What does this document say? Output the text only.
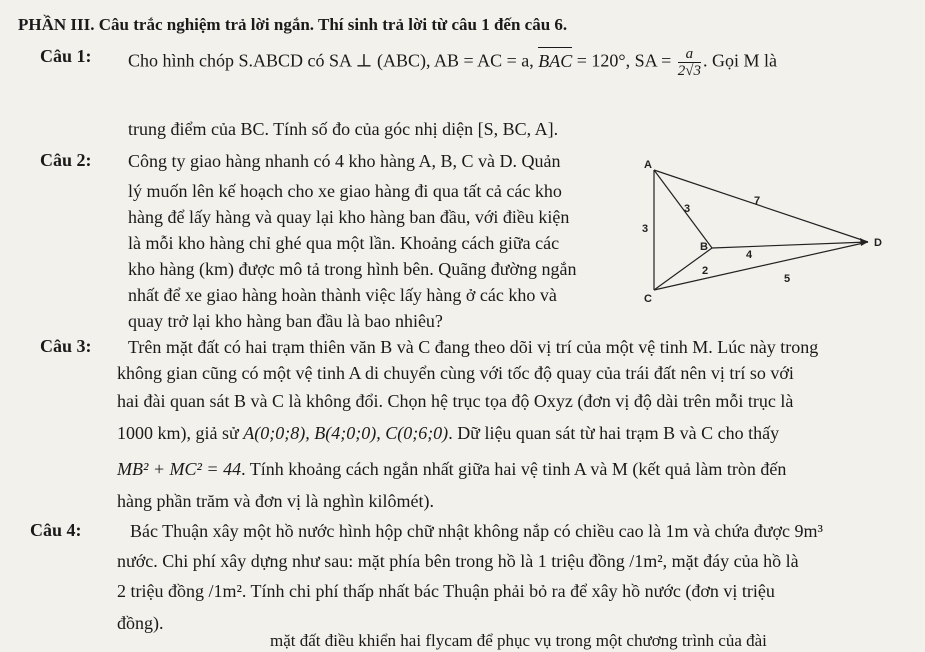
PHẦN III. Câu trắc nghiệm trả lời ngắn. Thí sinh trả lời từ câu 1 đến câu 6.
Câu 1: Cho hình chóp S.ABCD có SA ⊥ (ABC), AB = AC = a, BAC = 120°, SA = $\frac{a}{2√3}$ . Gọi M là
trung điểm của BC. Tính số đo của góc nhị diện [S, BC, A].
Câu 2: Công ty giao hàng nhanh có 4 kho hàng A, B, C và D. Quản
lý muốn lên kế hoạch cho xe giao hàng đi qua tất cả các kho
hàng để lấy hàng và quay lại kho hàng ban đầu, với điều kiện
là mỗi kho hàng chỉ ghé qua một lần. Khoảng cách giữa các
kho hàng (km) được mô tả trong hình bên. Quãng đường ngắn
nhất để xe giao hàng hoàn thành việc lấy hàng ở các kho và
quay trở lại kho hàng ban đầu là bao nhiêu?
A
B
C
D
3
3
7
2
4
5
Câu 3: Trên mặt đất có hai trạm thiên văn B và C đang theo dõi vị trí của một vệ tinh M. Lúc này trong
không gian cũng có một vệ tinh A di chuyển cùng với tốc độ quay của trái đất nên vị trí so với
hai đài quan sát B và C là không đổi. Chọn hệ trục tọa độ Oxyz (đơn vị độ dài trên mỗi trục là
1000 km), giả sử A(0;0;8), B(4;0;0), C(0;6;0). Dữ liệu quan sát từ hai trạm B và C cho thấy
MB² + MC² = 44. Tính khoảng cách ngắn nhất giữa hai vệ tinh A và M (kết quả làm tròn đến
hàng phần trăm và đơn vị là nghìn kilômét).
Câu 4:	Bác Thuận xây một hồ nước hình hộp chữ nhật không nắp có chiều cao là 1m và chứa được 9m³
nước. Chi phí xây dựng như sau: mặt phía bên trong hồ là 1 triệu đồng /1m², mặt đáy của hồ là
2 triệu đồng /1m². Tính chi phí thấp nhất bác Thuận phải bỏ ra để xây hồ nước (đơn vị triệu
đồng).
mặt đất điều khiển hai flycam để phục vụ trong một chương trình của đài
